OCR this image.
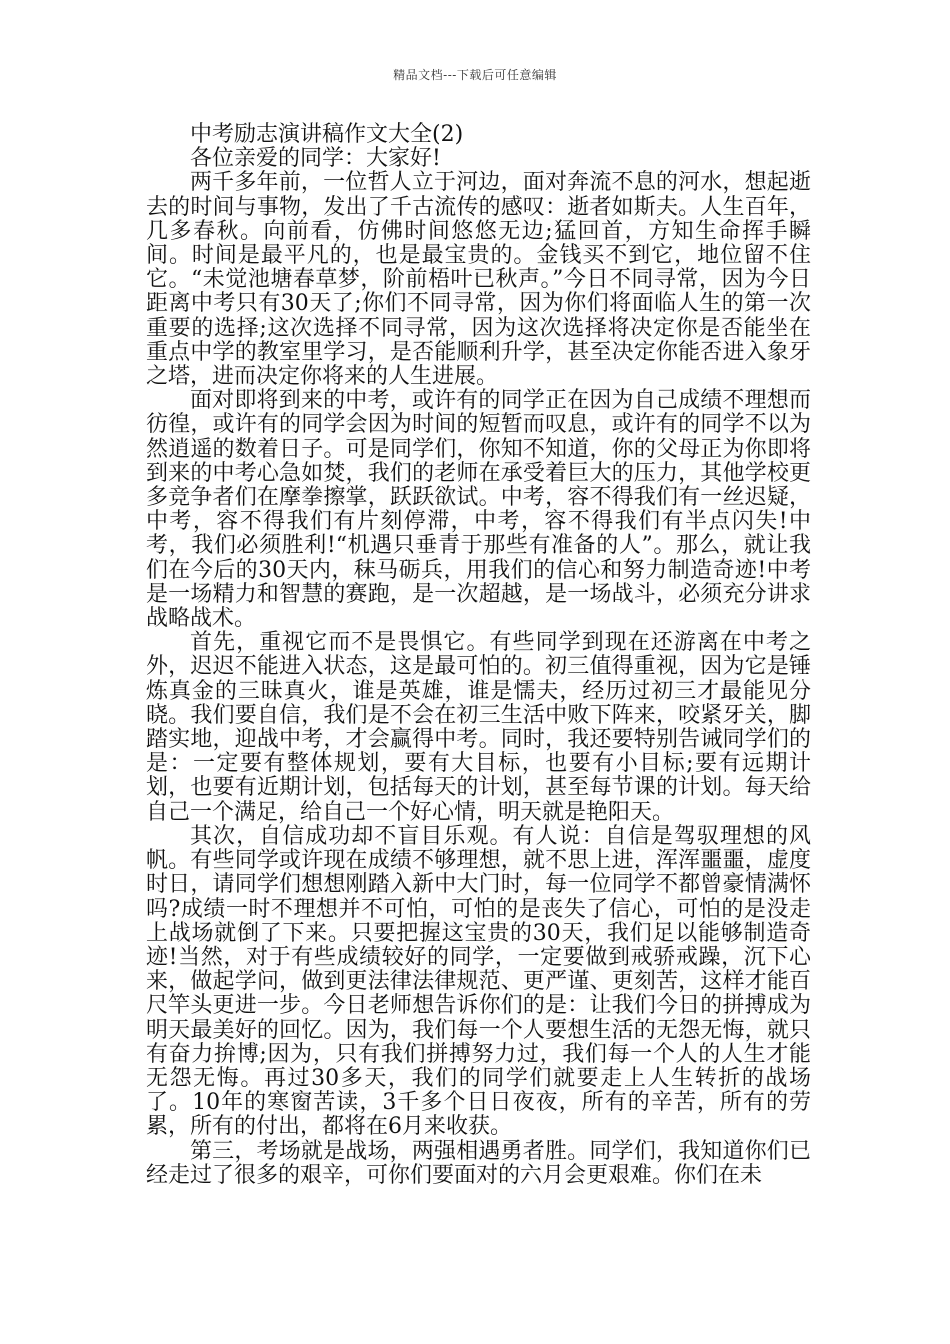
精品文档---下载后可任意编辑

中考励志演讲稿作文大全(2)

各位亲爱的同学：大家好!

两千多年前，一位哲人立于河边，面对奔流不息的河水，想起逝去的时间与事物，发出了千古流传的感叹：逝者如斯夫。人生百年，几多春秋。向前看，仿佛时间悠悠无边;猛回首，方知生命挥手瞬间。时间是最平凡的，也是最宝贵的。金钱买不到它，地位留不住它。“未觉池塘春草梦，阶前梧叶已秋声。”今日不同寻常，因为今日距离中考只有30天了;你们不同寻常，因为你们将面临人生的第一次重要的选择;这次选择不同寻常，因为这次选择将决定你是否能坐在重点中学的教室里学习，是否能顺利升学，甚至决定你能否进入象牙之塔，进而决定你将来的人生进展。

面对即将到来的中考，或许有的同学正在因为自己成绩不理想而彷徨，或许有的同学会因为时间的短暂而叹息，或许有的同学不以为然逍遥的数着日子。可是同学们，你知不知道，你的父母正为你即将到来的中考心急如焚，我们的老师在承受着巨大的压力，其他学校更多竞争者们在摩拳擦掌，跃跃欲试。中考，容不得我们有一丝迟疑，中考，容不得我们有片刻停滞，中考，容不得我们有半点闪失!中考，我们必须胜利!“机遇只垂青于那些有准备的人”。那么，就让我们在今后的30天内，秣马砺兵，用我们的信心和努力制造奇迹!中考是一场精力和智慧的赛跑，是一次超越，是一场战斗，必须充分讲求战略战术。

首先，重视它而不是畏惧它。有些同学到现在还游离在中考之外，迟迟不能进入状态，这是最可怕的。初三值得重视，因为它是锤炼真金的三昧真火，谁是英雄，谁是懦夫，经历过初三才最能见分晓。我们要自信，我们是不会在初三生活中败下阵来，咬紧牙关，脚踏实地，迎战中考，才会赢得中考。同时，我还要特别告诫同学们的是：一定要有整体规划，要有大目标，也要有小目标;要有远期计划，也要有近期计划，包括每天的计划，甚至每节课的计划。每天给自己一个满足，给自己一个好心情，明天就是艳阳天。

其次，自信成功却不盲目乐观。有人说：自信是驾驭理想的风帆。有些同学或许现在成绩不够理想，就不思上进，浑浑噩噩，虚度时日，请同学们想想刚踏入新中大门时，每一位同学不都曾豪情满怀吗?成绩一时不理想并不可怕，可怕的是丧失了信心，可怕的是没走上战场就倒了下来。只要把握这宝贵的30天，我们足以能够制造奇迹!当然，对于有些成绩较好的同学，一定要做到戒骄戒躁，沉下心来，做起学问，做到更法律法律规范、更严谨、更刻苦，这样才能百尺竿头更进一步。今日老师想告诉你们的是：让我们今日的拼搏成为明天最美好的回忆。因为，我们每一个人要想生活的无怨无悔，就只有奋力拚博;因为，只有我们拼搏努力过，我们每一个人的人生才能无怨无悔。再过30多天，我们的同学们就要走上人生转折的战场了。10年的寒窗苦读，3千多个日日夜夜，所有的辛苦，所有的劳累，所有的付出，都将在6月来收获。

第三，考场就是战场，两强相遇勇者胜。同学们，我知道你们已经走过了很多的艰辛，可你们要面对的六月会更艰难。你们在未
